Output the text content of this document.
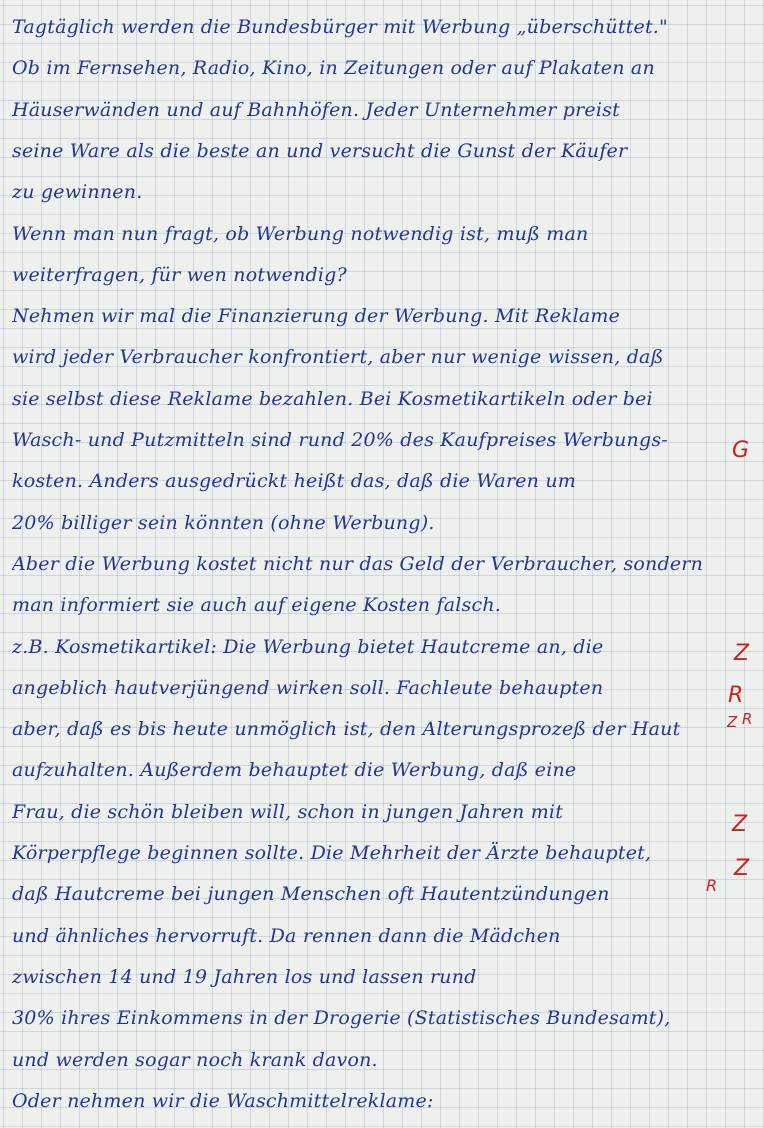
Tagtäglich werden die Bundesbürger mit Werbung „überschüttet."
Ob im Fernsehen, Radio, Kino, in Zeitungen oder auf Plakaten an
Häuserwänden und auf Bahnhöfen. Jeder Unternehmer preist
seine Ware als die beste an und versucht die Gunst der Käufer
zu gewinnen.
Wenn man nun fragt, ob Werbung notwendig ist, muß man
weiterfragen, für wen notwendig?
Nehmen wir mal die Finanzierung der Werbung. Mit Reklame
wird jeder Verbraucher konfrontiert, aber nur wenige wissen, daß
sie selbst diese Reklame bezahlen. Bei Kosmetikartikeln oder bei
Wasch- und Putzmitteln sind rund 20% des Kaufpreises Werbungs-
kosten. Anders ausgedrückt heißt das, daß die Waren um
20% billiger sein könnten (ohne Werbung).
Aber die Werbung kostet nicht nur das Geld der Verbraucher, sondern
man informiert sie auch auf eigene Kosten falsch.
z.B. Kosmetikartikel: Die Werbung bietet Hautcreme an, die
angeblich hautverjüngend wirken soll. Fachleute behaupten
aber, daß es bis heute unmöglich ist, den Alterungsprozeß der Haut
aufzuhalten. Außerdem behauptet die Werbung, daß eine
Frau, die schön bleiben will, schon in jungen Jahren mit
Körperpflege beginnen sollte. Die Mehrheit der Ärzte behauptet,
daß Hautcreme bei jungen Menschen oft Hautentzündungen
und ähnliches hervorruft. Da rennen dann die Mädchen
zwischen 14 und 19 Jahren los und lassen rund
30% ihres Einkommens in der Drogerie (Statistisches Bundesamt),
und werden sogar noch krank davon.
Oder nehmen wir die Waschmittelreklame:
G
Z
R
Z R
Z
Z
R
